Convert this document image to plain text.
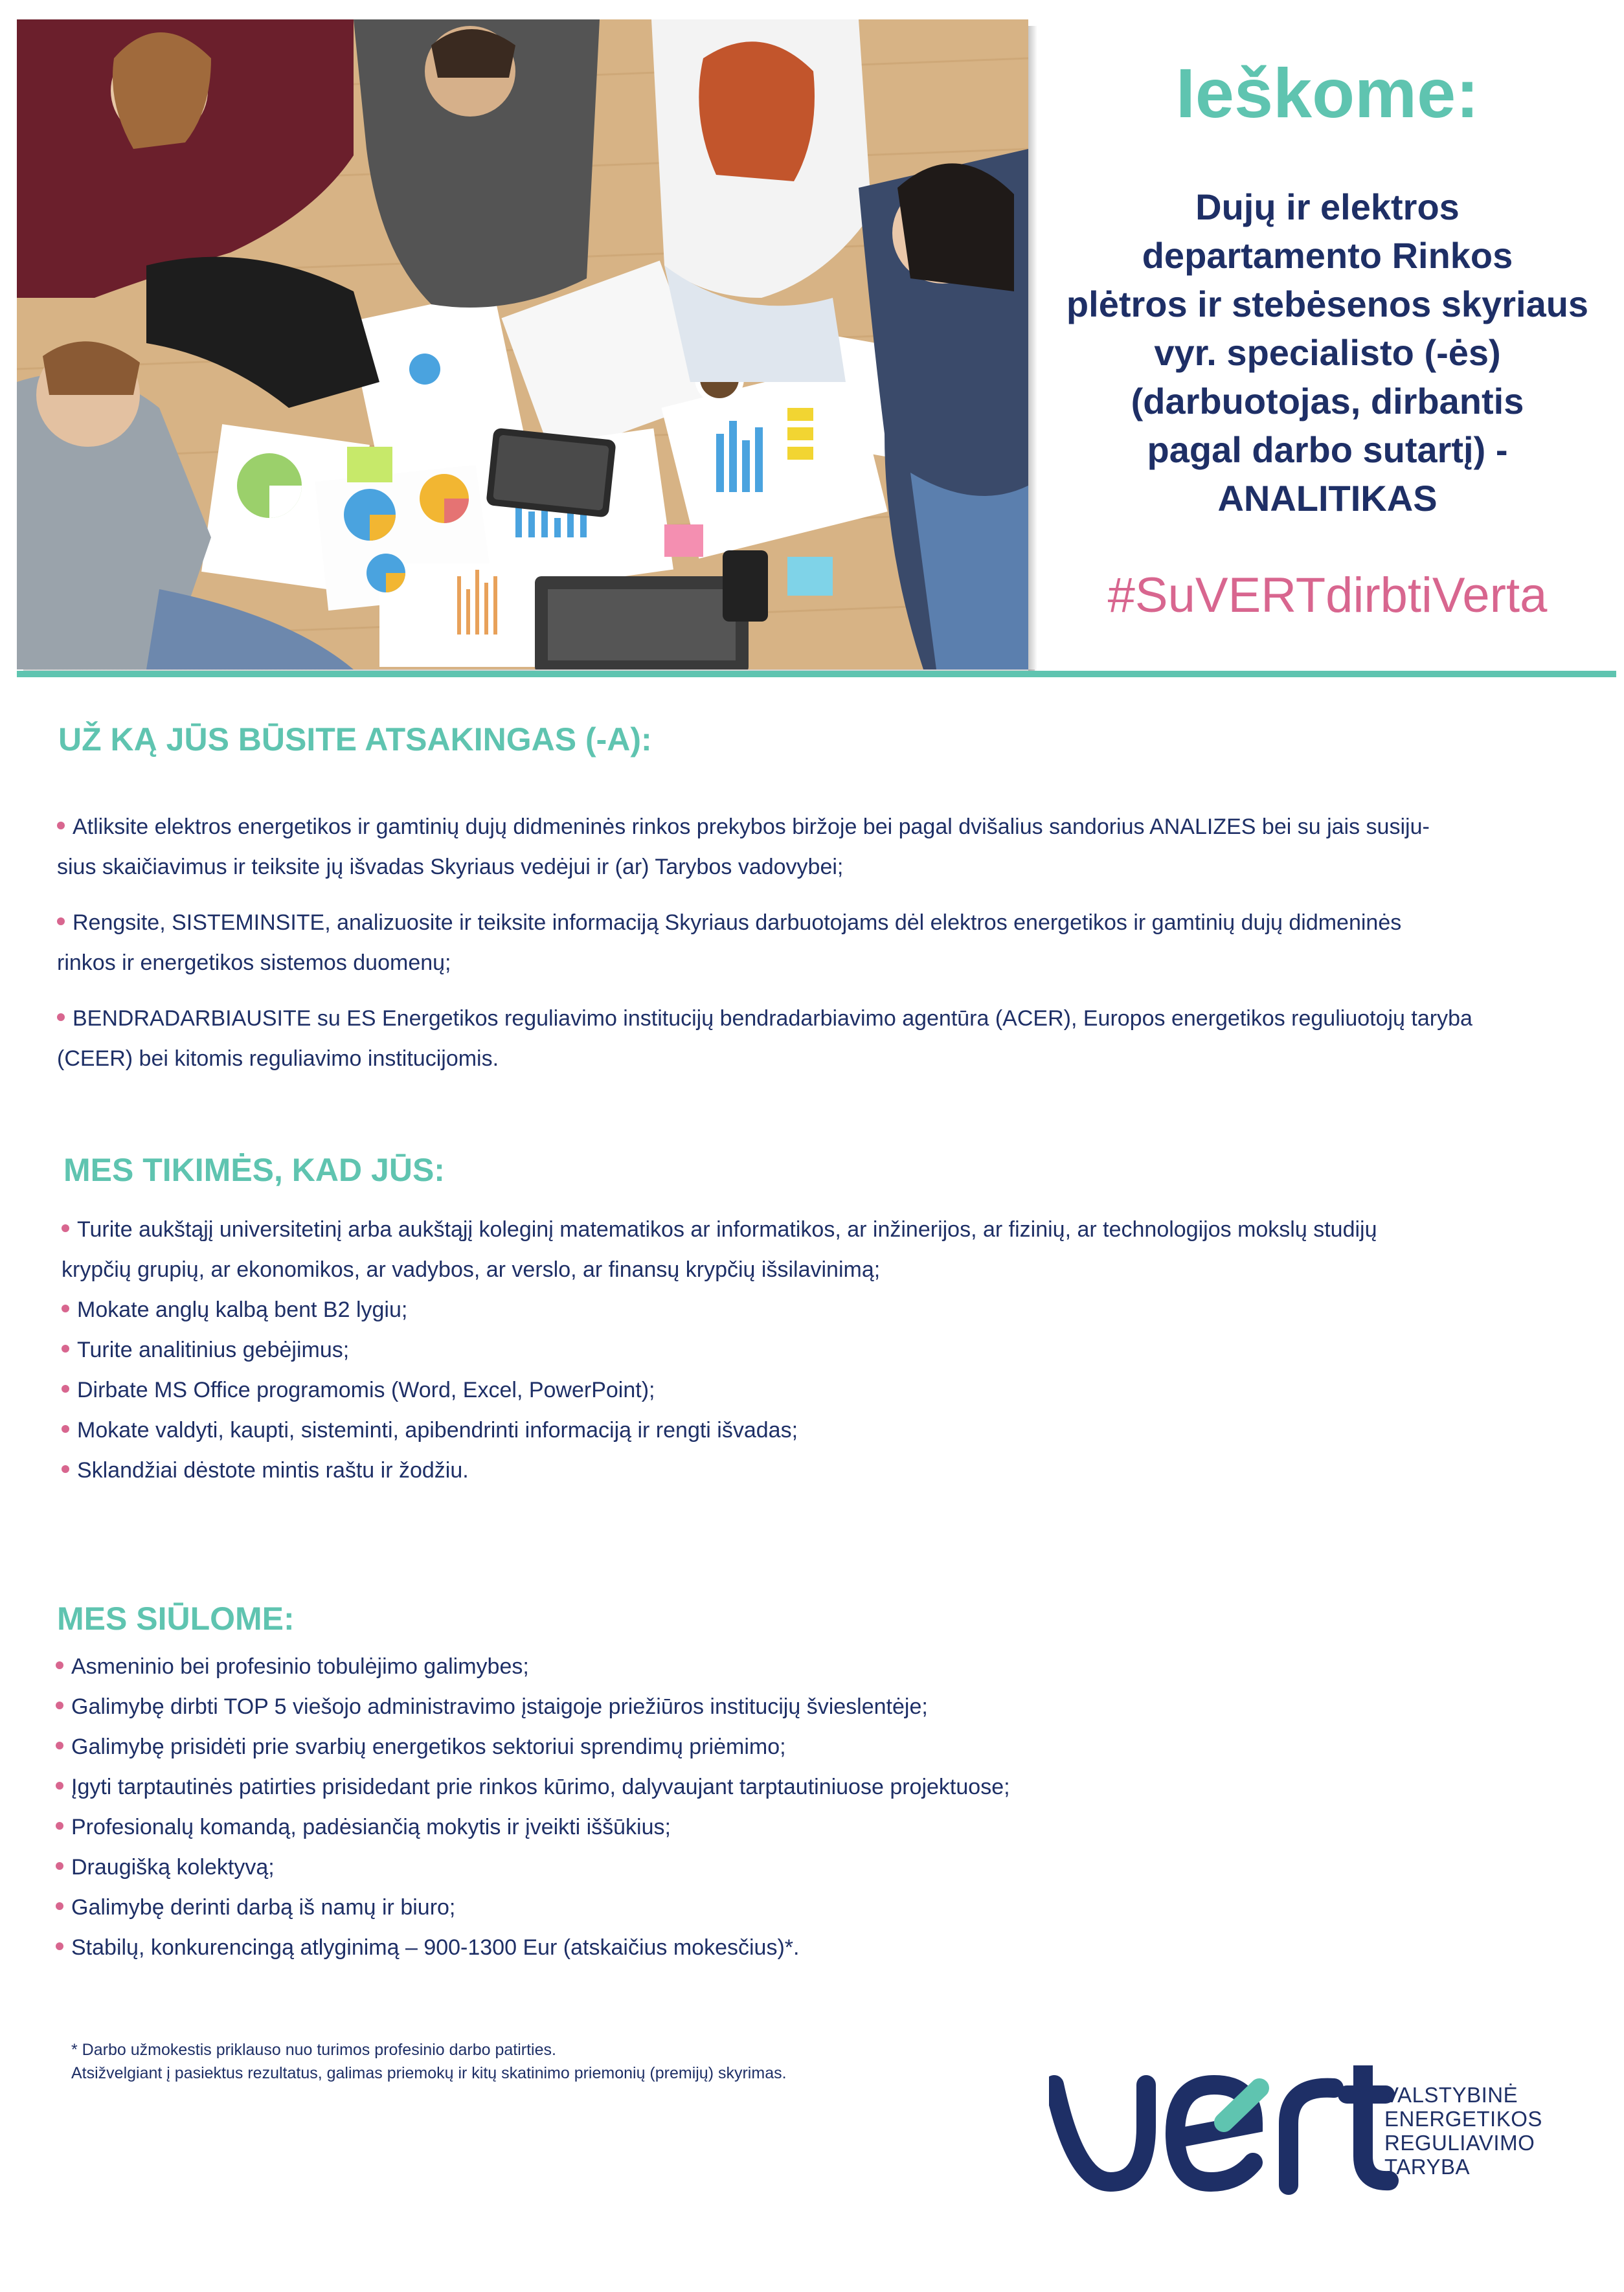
Ieškome:
Dujų ir elektros
departamento Rinkos
plėtros ir stebėsenos skyriaus
vyr. specialisto (-ės)
(darbuotojas, dirbantis
pagal darbo sutartį) -
ANALITIKAS
#SuVERTdirbtiVerta
UŽ KĄ JŪS BŪSITE ATSAKINGAS (-A):
Atliksite elektros energetikos ir gamtinių dujų didmeninės rinkos prekybos biržoje bei pagal dvišalius sandorius ANALIZES bei su jais susiju-
sius skaičiavimus ir teiksite jų išvadas Skyriaus vedėjui ir (ar) Tarybos vadovybei;
Rengsite, SISTEMINSITE, analizuosite ir teiksite informaciją Skyriaus darbuotojams dėl elektros energetikos ir gamtinių dujų didmeninės
rinkos ir energetikos sistemos duomenų;
BENDRADARBIAUSITE su ES Energetikos reguliavimo institucijų bendradarbiavimo agentūra (ACER), Europos energetikos reguliuotojų taryba
(CEER) bei kitomis reguliavimo institucijomis.
MES TIKIMĖS, KAD JŪS:
Turite aukštąjį universitetinį arba aukštąjį koleginį matematikos ar informatikos, ar inžinerijos, ar fizinių, ar technologijos mokslų studijų
krypčių grupių, ar ekonomikos, ar vadybos, ar verslo, ar finansų krypčių išsilavinimą;
Mokate anglų kalbą bent B2 lygiu;
Turite analitinius gebėjimus;
Dirbate MS Office programomis (Word, Excel, PowerPoint);
Mokate valdyti, kaupti, sisteminti, apibendrinti informaciją ir rengti išvadas;
Sklandžiai dėstote mintis raštu ir žodžiu.
MES SIŪLOME:
Asmeninio bei profesinio tobulėjimo galimybes;
Galimybę dirbti TOP 5 viešojo administravimo įstaigoje priežiūros institucijų švieslentėje;
Galimybę prisidėti prie svarbių energetikos sektoriui sprendimų priėmimo;
Įgyti tarptautinės patirties prisidedant prie rinkos kūrimo, dalyvaujant tarptautiniuose projektuose;
Profesionalų komandą, padėsiančią mokytis ir įveikti iššūkius;
Draugišką kolektyvą;
Galimybę derinti darbą iš namų ir biuro;
Stabilų, konkurencingą atlyginimą – 900-1300 Eur (atskaičius mokesčius)*.
* Darbo užmokestis priklauso nuo turimos profesinio darbo patirties.
Atsižvelgiant į pasiektus rezultatus, galimas priemokų ir kitų skatinimo priemonių (premijų) skyrimas.
VALSTYBINĖ
ENERGETIKOS
REGULIAVIMO
TARYBA
